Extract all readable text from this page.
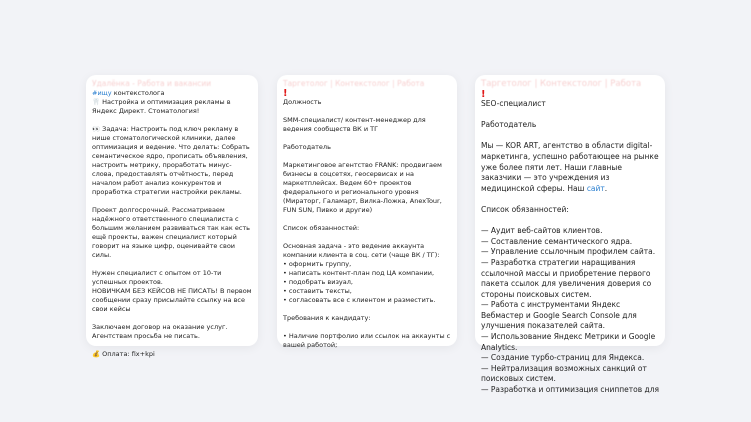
Удалёнка - Работа и вакансии
#ищу контекстолога
🦷 Настройка и оптимизация рекламы в Яндекс Директ. Стоматология!

👀 Задача: Настроить под ключ рекламу в нише стоматологической клиники, далее оптимизация и ведение. Что делать: Собрать семантическое ядро, прописать объявления, настроить метрику, проработать минус-слова, предоставлять отчётность, перед началом работ анализ конкурентов и проработка стратегии настройки рекламы.

Проект долгосрочный. Рассматриваем  надёжного ответственного специалиста с большим желанием развиваться так как есть ещё проекты, важен специалист который говорит на языке цифр, оценивайте свои силы.

Нужен специалист с опытом от 10-ти успешных проектов.
НОВИЧКАМ БЕЗ КЕЙСОВ НЕ ПИСАТЬ! В первом сообщении сразу присылайте ссылку на все свои кейсы

Заключаем договор на оказание услуг. Агентствам просьба не писать.

💰 Оплата: fix+kpi
Таргетолог | Контекстолог | Работа
!
Должность

SMM-специалист/ контент-менеджер для ведения сообществ ВК и ТГ

Работодатель

Маркетинговое агентство FRANK: продвигаем бизнесы в соцсетях, геосервисах и на маркетплейсах. Ведем 60+ проектов федерального и регионального уровня (Мираторг, Галамарт, Вилка-Ложка, AnexTour, FUN SUN, Пивко и другие)

Список обязанностей:

Основная задача - это ведение аккаунта компании клиента в соц. сети (чаще ВК / ТГ):
• оформить группу,
• написать контент-план под ЦА компании,
• подобрать визуал,
• составить тексты,
• согласовать все с клиентом и разместить.

Требования к кандидату:

• Наличие портфолио или ссылок на аккаунты с вашей работой;
Таргетолог | Контекстолог | Работа
!
SEO-специалист

Работодатель

Мы — KOR ART, агентство в области digital-маркетинга, успешно работающее на рынке уже более пяти лет. Наши главные заказчики — это учреждения из медицинской сферы. Наш сайт.

Список обязанностей:

— Аудит веб-сайтов клиентов.
— Составление семантического ядра.
— Управление ссылочным профилем сайта.
— Разработка стратегии наращивания ссылочной массы и приобретение первого пакета ссылок для увеличения доверия со стороны поисковых систем.
— Работа с инструментами Яндекс Вебмастер и Google Search Console для улучшения показателей сайта.
— Использование Яндекс Метрики и Google Analytics.
— Создание турбо-страниц для Яндекса.
— Нейтрализация возможных санкций от поисковых систем.
— Разработка и оптимизация сниппетов для
